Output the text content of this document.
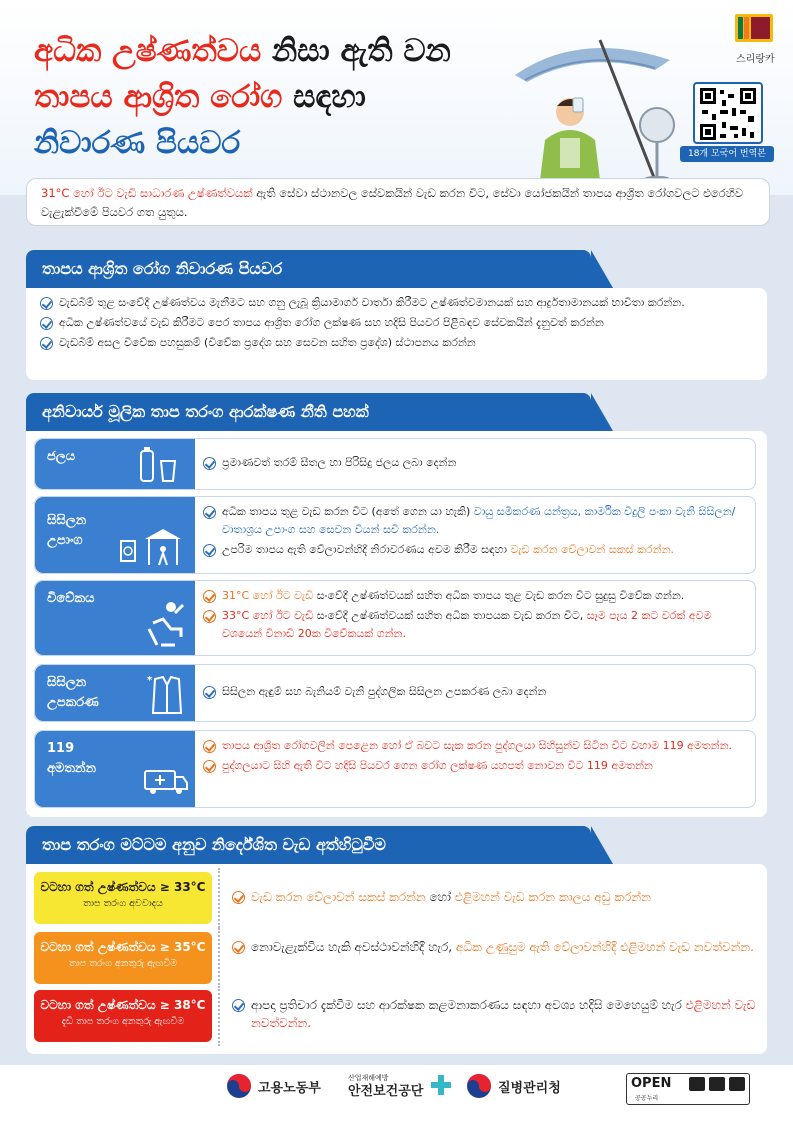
අධික උෂ්ණත්වය නිසා ඇති වන
තාපය ආශ්‍රිත රෝග සඳහා
නිවාරණ පියවර
스리랑카
18개 모국어 번역본
31°C හෝ ඊට වැඩි සාධාරණ උෂ්ණත්වයක් ඇති සේවා ස්ථානවල සේවකයින් වැඩ කරන විට, සේවා යෝජකයින් තාපය ආශ්‍රිත රෝගවලට එරෙහිව වැළැක්වීමේ පියවර ගත යුතුය.
තාපය ආශ්‍රිත රෝග නිවාරණ පියවර
වැඩබිම් තුළ සංවේදී උෂ්ණත්වය මැනීමට සහ ගනු ලැබූ ක්‍රියාමාර්ග වාර්තා කිරීමට උෂ්ණත්වමානයක් සහ ආර්ද්‍රතාමානයක් භාවිතා කරන්න.
අධික උෂ්ණත්වයේ වැඩ කිරීමට පෙර තාපය ආශ්‍රිත රෝග ලක්ෂණ සහ හදිසි පියවර පිළිබඳව සේවකයින් දැනුවත් කරන්න
වැඩබිම් අසල විවේක පහසුකම් (විවේක ප්‍රදේශ සහ සෙවන සහිත ප්‍රදේශ) ස්ථාපනය කරන්න
අනිවාර්ය මූලික තාප තරංග ආරක්ෂණ නීති පහක්
ජලය	ප්‍රමාණවත් තරම් සීතල හා පිරිසිදු ජලය ලබා දෙන්න
සිසිලන උපාංග
අධික තාපය තුළ වැඩ කරන විට (අතේ ගෙන යා හැකි) වායු සමීකරණ යන්ත්‍රය, කාර්මික විදුලි පංකා වැනි සිසිලන/වාතාශ්‍රය උපාංග සහ සෙවන වියන් සවි කරන්න.
උපරිම තාපය ඇති වේලාවන්හිදී නිරාවරණය අවම කිරීම සඳහා වැඩ කරන වේලාවන් සකස් කරන්න.
විවේකය	31°C හෝ ඊට වැඩි සංවේදී උෂ්ණත්වයක් සහිත අධික තාපය තුළ වැඩ කරන විට සුදුසු විවේක ගන්න.
33°C හෝ ඊට වැඩි සංවේදී උෂ්ණත්වයක් සහිත අධික තාපයක වැඩ කරන විට, සෑම පැය 2 කට වරක් අවම වශයෙන් විනාඩි 20ක විවේකයක් ගන්න.
සිසිලන උපකරණ
*
සිසිලන ඇඳුම් සහ බැනියම් වැනි පුද්ගලික සිසිලන උපකරණ ලබා දෙන්න
119 අමතන්න
තාපය ආශ්‍රිත රෝගවලින් පෙළෙන හෝ ඒ බවට සැක කරන පුද්ගලයා සිහිසුන්ව සිටින විට වහාම 119 අමතන්න.
පුද්ගලයාට සිහි ඇති විට හදිසි පියවර ගෙන රෝග ලක්ෂණ යහපත් නොවන විට 119 අමතන්න
තාප තරංග මට්ටම අනුව නිර්දේශිත වැඩ අත්හිටුවීම
වටහා ගත් උෂ්ණත්වය ≥ 33°C
තාප තරංග අවවාදය	වැඩ කරන වේලාවන් සකස් කරන්න හෝ එළිමහන් වැඩ කරන කාලය අඩු කරන්න
වටහා ගත් උෂ්ණත්වය ≥ 35°C
තාප තරංග අනතුරු ඇඟවීම
නොවැළැක්විය හැකි අවස්ථාවන්හිදී හැර, අධික උණුසුම ඇති වේලාවන්හිදී එළිමහන් වැඩ නවත්වන්න.
වටහා ගත් උෂ්ණත්වය ≥ 38°C
දැඩි තාප තරංග අනතුරු ඇඟවීම
ආපදා ප්‍රතිචාර දැක්වීම සහ ආරක්ෂක කළමනාකරණය සඳහා අවශ්‍ය හදිසි මෙහෙයුම් හැර එළිමහන් වැඩ නවත්වන්න.
고용노동부
산업재해예방
안전보건공단	질병관리청	OPEN
공공누리
